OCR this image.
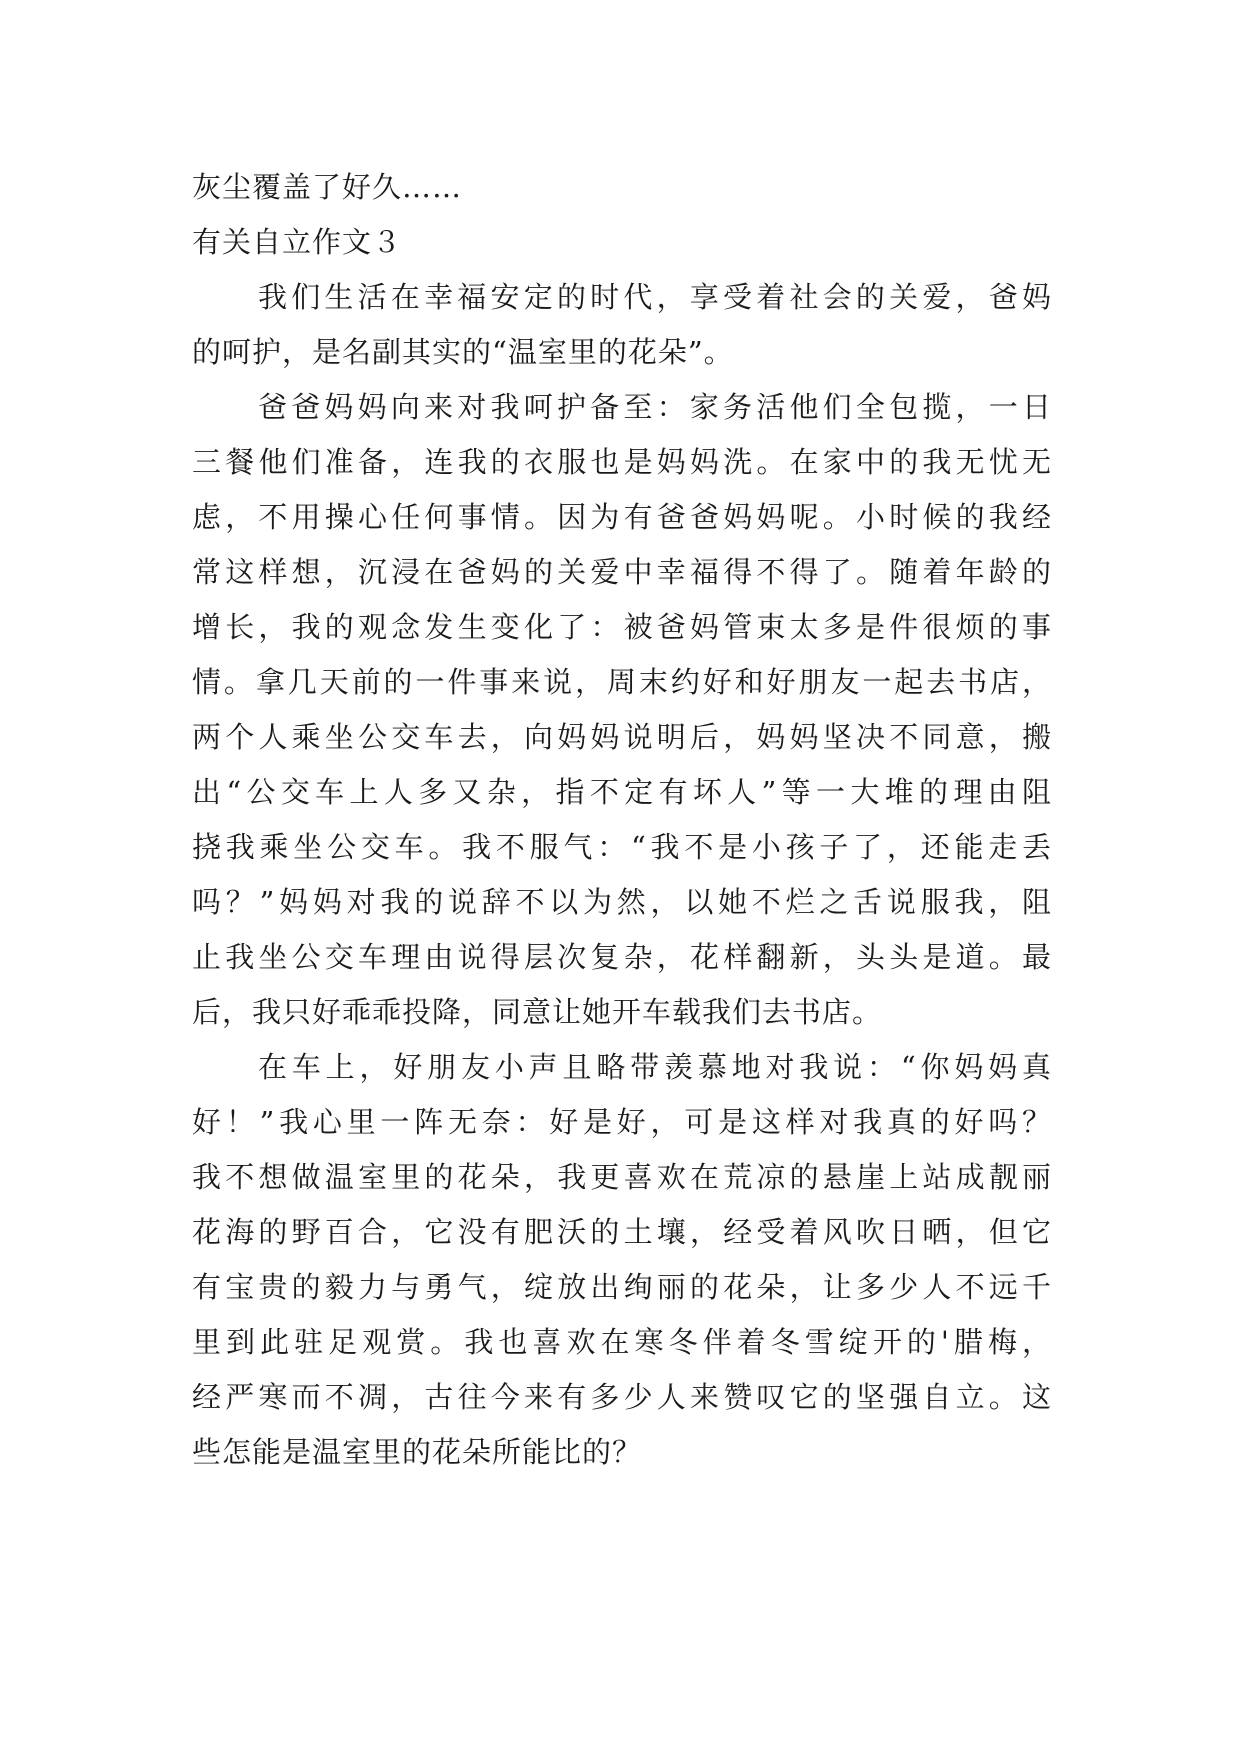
灰尘覆盖了好久……

有关自立作文３

我们生活在幸福安定的时代，享受着社会的关爱，爸妈

的呵护，是名副其实的“温室里的花朵”。

爸爸妈妈向来对我呵护备至：家务活他们全包揽，一日

三餐他们准备，连我的衣服也是妈妈洗。在家中的我无忧无

虑，不用操心任何事情。因为有爸爸妈妈呢。小时候的我经

常这样想，沉浸在爸妈的关爱中幸福得不得了。随着年龄的

增长，我的观念发生变化了：被爸妈管束太多是件很烦的事

情。拿几天前的一件事来说，周末约好和好朋友一起去书店，

两个人乘坐公交车去，向妈妈说明后，妈妈坚决不同意，搬

出“公交车上人多又杂，指不定有坏人”等一大堆的理由阻

挠我乘坐公交车。我不服气：“我不是小孩子了，还能走丢

吗？”妈妈对我的说辞不以为然，以她不烂之舌说服我，阻

止我坐公交车理由说得层次复杂，花样翻新，头头是道。最

后，我只好乖乖投降，同意让她开车载我们去书店。

在车上，好朋友小声且略带羡慕地对我说：“你妈妈真

好！”我心里一阵无奈：好是好，可是这样对我真的好吗？

我不想做温室里的花朵，我更喜欢在荒凉的悬崖上站成靓丽

花海的野百合，它没有肥沃的土壤，经受着风吹日晒，但它

有宝贵的毅力与勇气，绽放出绚丽的花朵，让多少人不远千

里到此驻足观赏。我也喜欢在寒冬伴着冬雪绽开的'腊梅，

经严寒而不凋，古往今来有多少人来赞叹它的坚强自立。这

些怎能是温室里的花朵所能比的？
